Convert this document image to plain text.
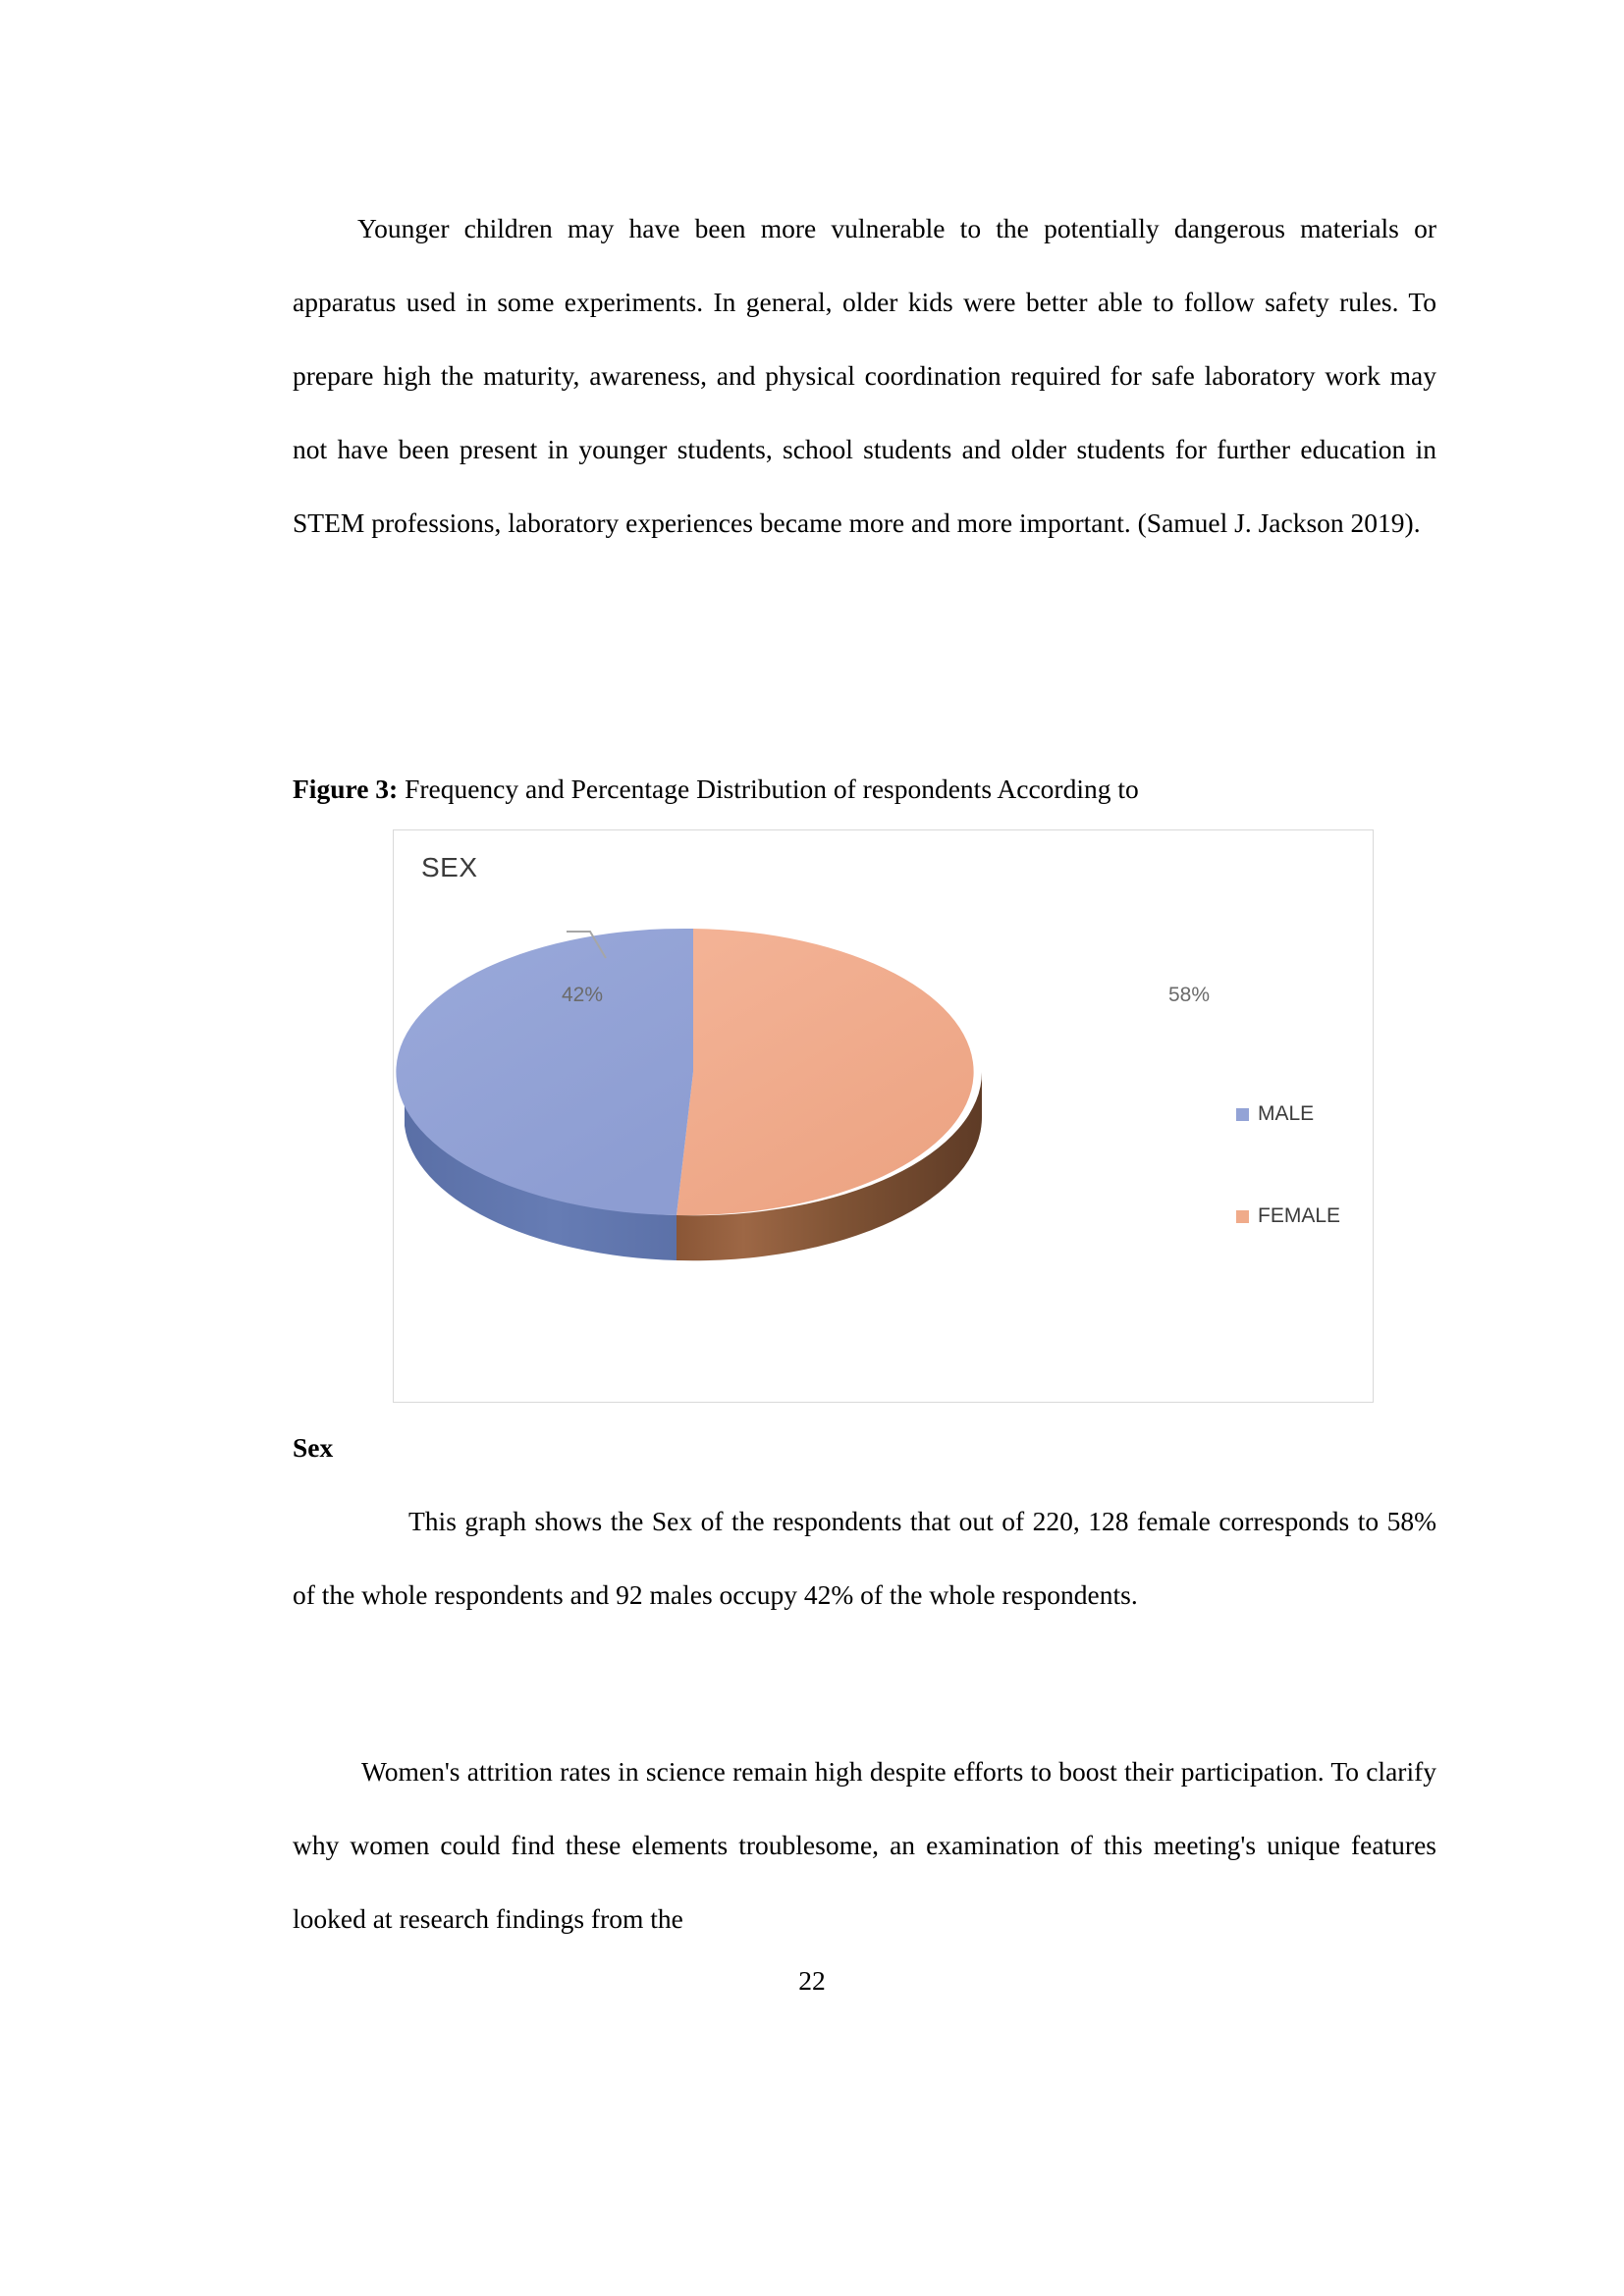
Younger children may have been more vulnerable to the potentially dangerous materials or apparatus used in some experiments. In general, older kids were better able to follow safety rules. To prepare high the maturity, awareness, and physical coordination required for safe laboratory work may not have been present in younger students, school students and older students for further education in STEM professions, laboratory experiences became more and more important. (Samuel J. Jackson 2019).
Figure 3: Frequency and Percentage Distribution of respondents According to
SEX
MALE
FEMALE
42%	58%
Sex
This graph shows the Sex of the respondents that out of 220, 128 female corresponds to 58% of the whole respondents and 92 males occupy 42% of the whole respondents.
Women's attrition rates in science remain high despite efforts to boost their participation. To clarify why women could find these elements troublesome, an examination of this meeting's unique features looked at research findings from the
22
